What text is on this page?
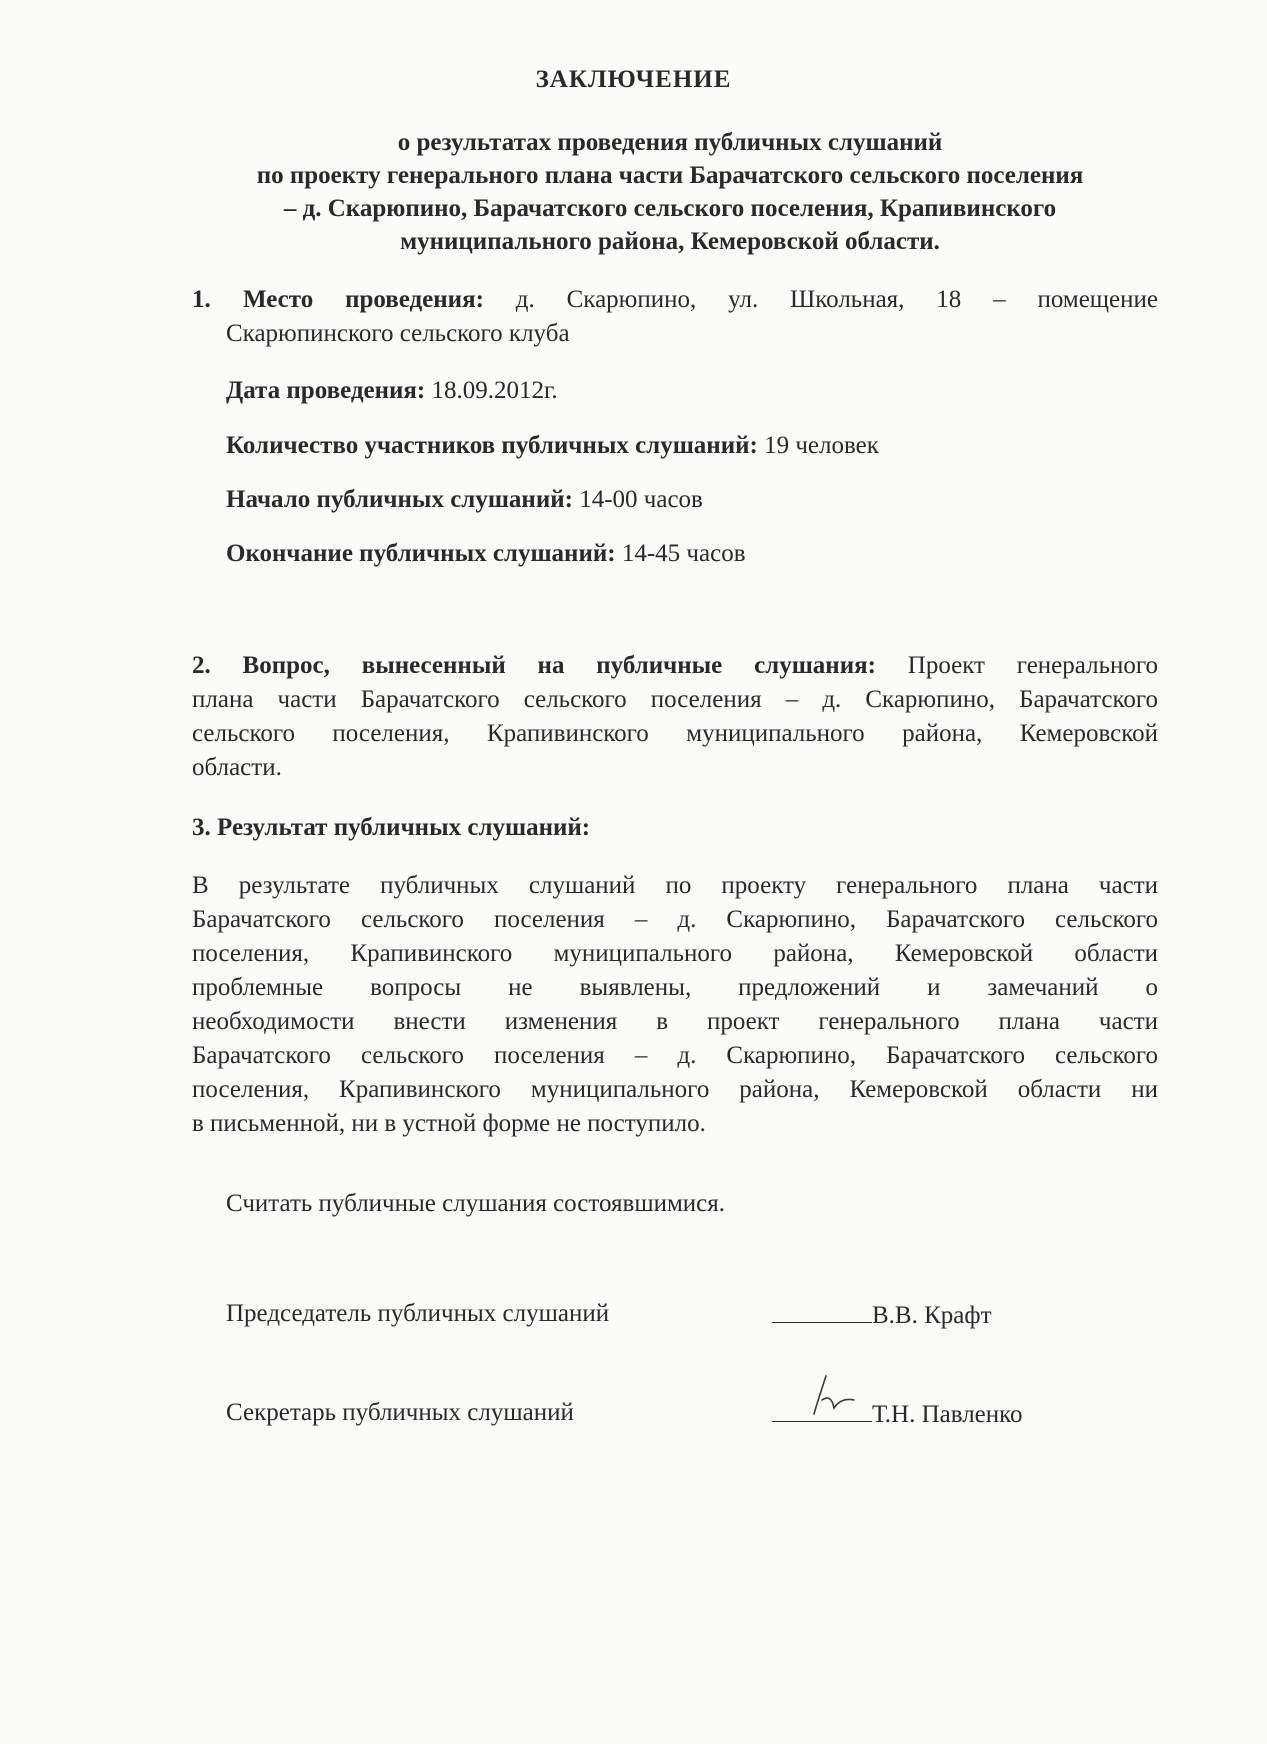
ЗАКЛЮЧЕНИЕ
о результатах проведения публичных слушаний
по проекту генерального плана части Барачатского сельского поселения
– д. Скарюпино, Барачатского сельского поселения, Крапивинского
муниципального района, Кемеровской области.
1. Место проведения: д. Скарюпино, ул. Школьная, 18 – помещение
Скарюпинского сельского клуба
Дата проведения: 18.09.2012г.
Количество участников публичных слушаний: 19 человек
Начало публичных слушаний: 14-00 часов
Окончание публичных слушаний: 14-45 часов
2. Вопрос, вынесенный на публичные слушания: Проект генерального
плана части Барачатского сельского поселения – д. Скарюпино, Барачатского
сельского поселения, Крапивинского муниципального района, Кемеровской
области.
3. Результат публичных слушаний:
В результате публичных слушаний по проекту генерального плана части
Барачатского сельского поселения – д. Скарюпино, Барачатского сельского
поселения, Крапивинского муниципального района, Кемеровской области
проблемные вопросы не выявлены, предложений и замечаний о
необходимости внести изменения в проект генерального плана части
Барачатского сельского поселения – д. Скарюпино, Барачатского сельского
поселения, Крапивинского муниципального района, Кемеровской области ни
в письменной, ни в устной форме не поступило.
Считать публичные слушания состоявшимися.
Председатель публичных слушаний	В.В. Крафт
Секретарь публичных слушаний	Т.Н. Павленко
